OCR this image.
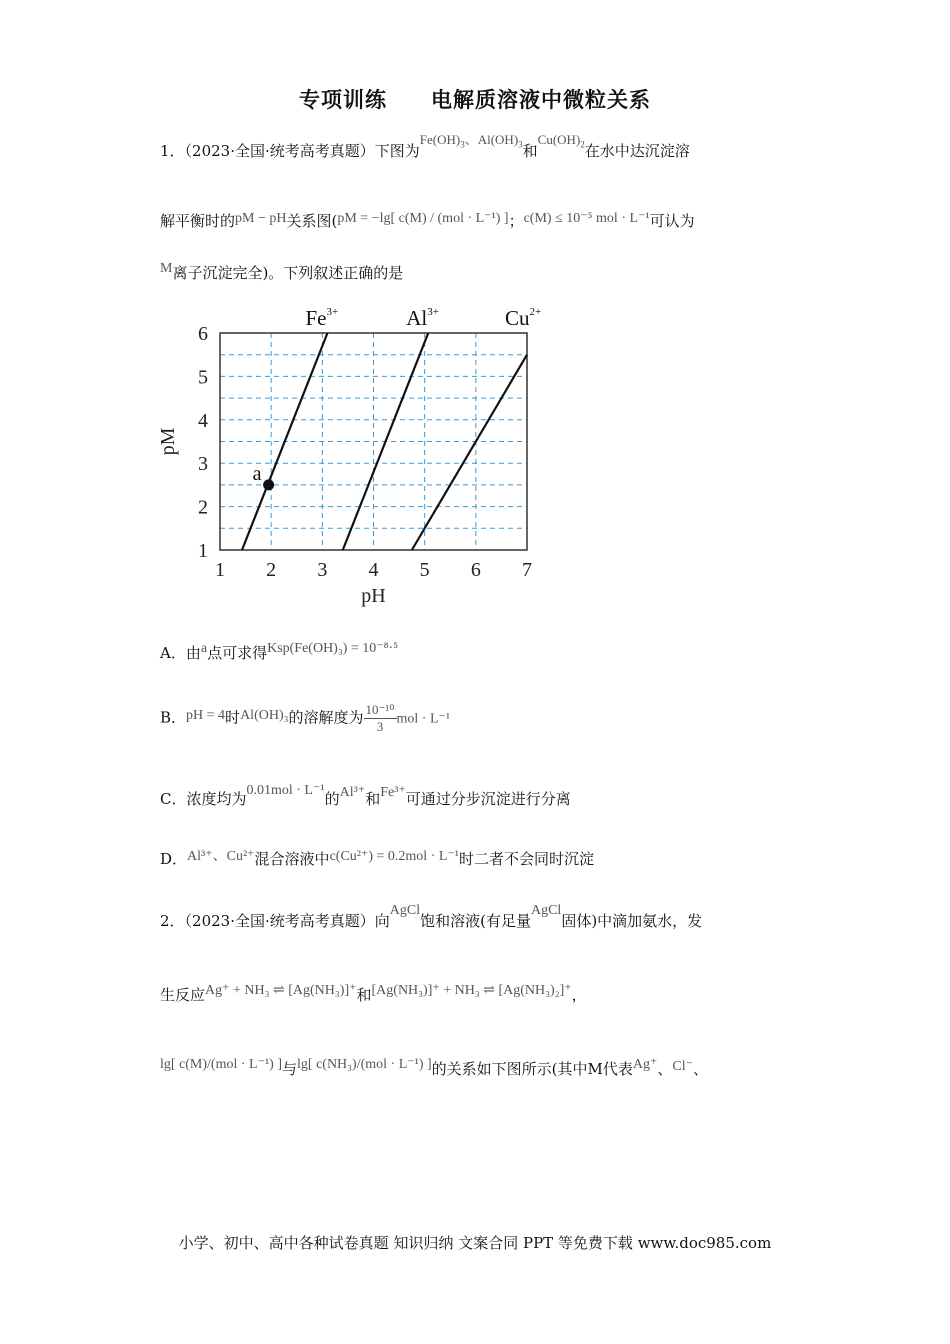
专项训练　　电解质溶液中微粒关系
1．（2023·全国·统考高考真题）下图为$Fe(OH)_3$、$Al(OH)_3$和$Cu(OH)_2$在水中达沉淀溶
解平衡时的pM − pH关系图(pM = −lg[ c(M) / (mol · L⁻¹) ]；c(M) ≤ 10⁻⁵ mol · L⁻¹可认为
M离子沉淀完全)。下列叙述正确的是
$Fe^{3+}$	$Al^{3+}$	$Cu^{2+}$
a
1 2 3 4 5 6 7
1
2
3
4
5
6
pH
pM
A．由a点可求得Ksp(Fe(OH)₃) = 10⁻⁸·⁵
B．pH = 4时Al(OH)₃的溶解度为 $\frac{\text{10⁻¹⁰}}{3}$ mol · L⁻¹
C．浓度均为0.01mol · L⁻¹的Al³⁺和Fe³⁺可通过分步沉淀进行分离
D．Al³⁺、Cu²⁺混合溶液中c(Cu²⁺) = 0.2mol · L⁻¹时二者不会同时沉淀
2．（2023·全国·统考高考真题）向AgCl饱和溶液(有足量AgCl固体)中滴加氨水，发
生反应Ag⁺ + NH₃ ⇌ [Ag(NH₃)]⁺和[Ag(NH₃)]⁺ + NH₃ ⇌ [Ag(NH₃)₂]⁺，
lg[ c(M)/(mol · L⁻¹) ]与lg[ c(NH₃)/(mol · L⁻¹) ]的关系如下图所示(其中M代表Ag⁺、Cl⁻、
小学、初中、高中各种试卷真题 知识归纳 文案合同 PPT 等免费下载 www.doc985.com
